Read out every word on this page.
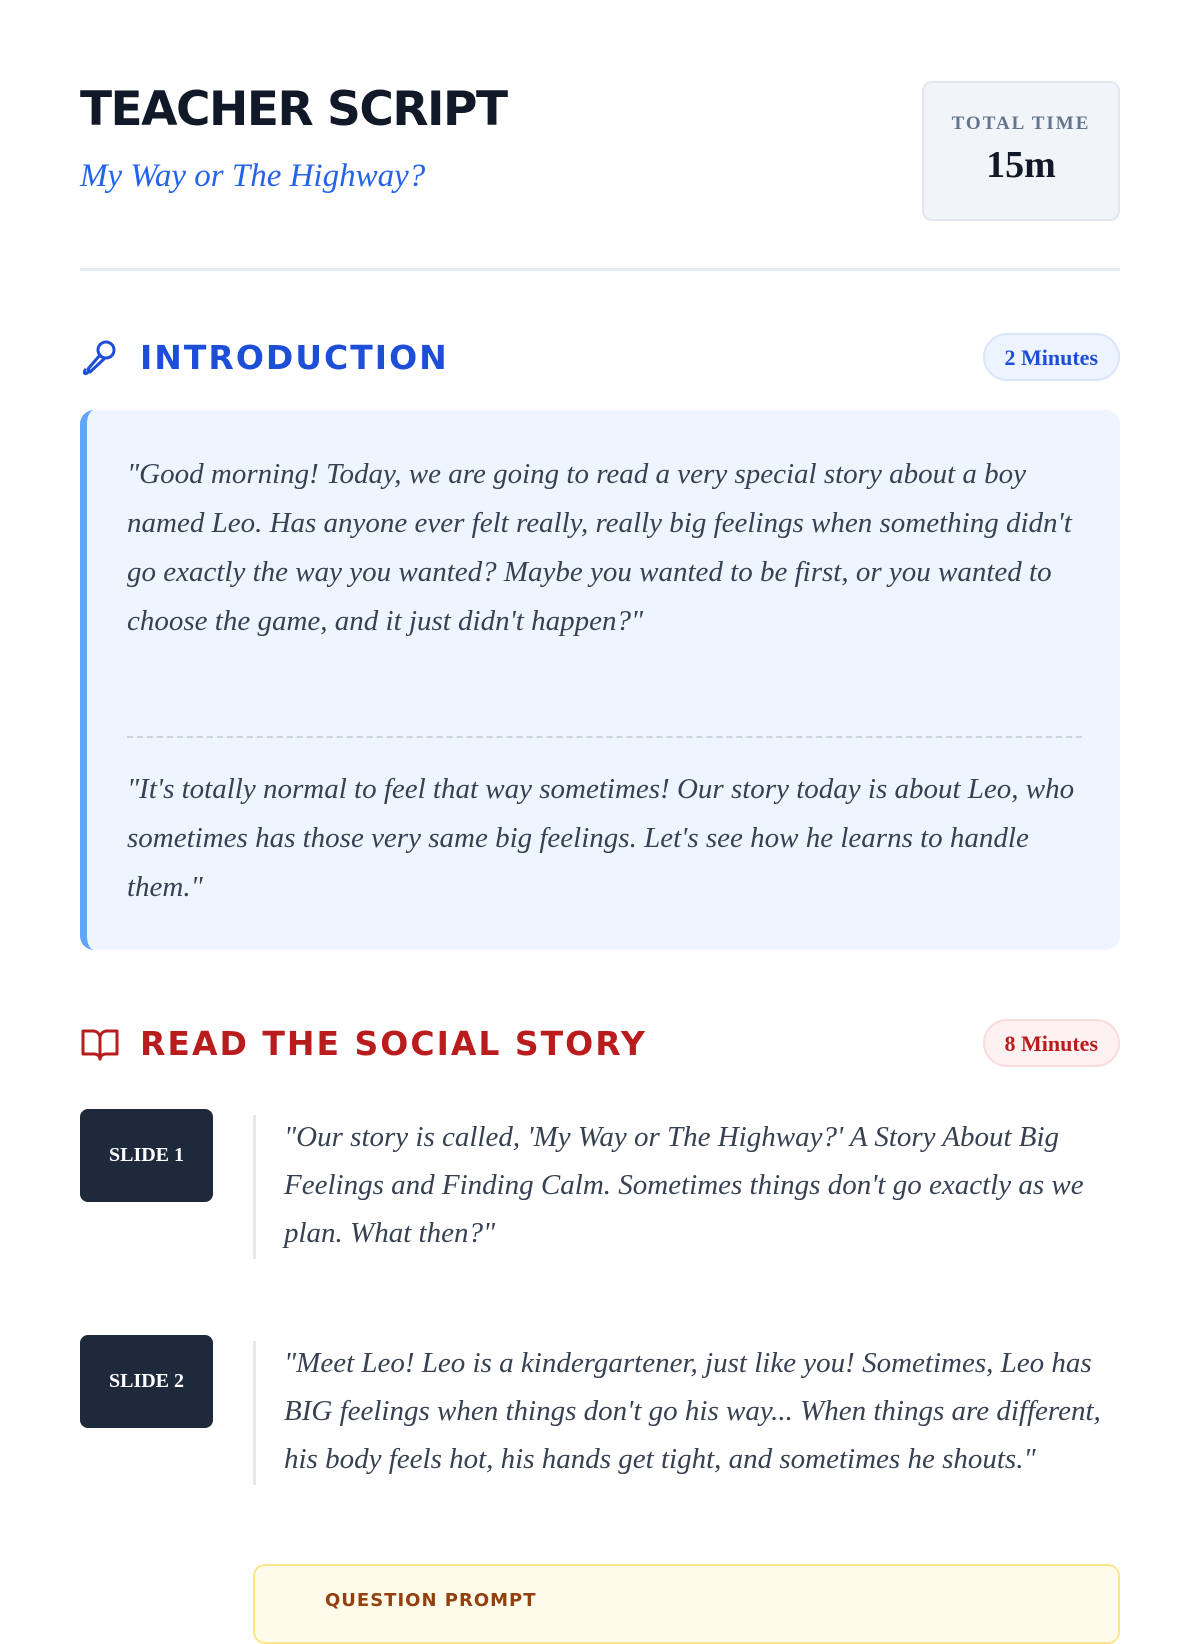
TEACHER SCRIPT
My Way or The Highway?
TOTAL TIME
15m
INTRODUCTION	2 Minutes

"Good morning! Today, we are going to read a very special story about a boy named Leo. Has anyone ever felt really, really big feelings when something didn't go exactly the way you wanted? Maybe you wanted to be first, or you wanted to choose the game, and it just didn't happen?"

"It's totally normal to feel that way sometimes! Our story today is about Leo, who sometimes has those very same big feelings. Let's see how he learns to handle them."

READ THE SOCIAL STORY	8 Minutes
SLIDE 1

"Our story is called, 'My Way or The Highway?' A Story About Big Feelings and Finding Calm. Sometimes things don't go exactly as we plan. What then?"

SLIDE 2

"Meet Leo! Leo is a kindergartener, just like you! Sometimes, Leo has BIG feelings when things don't go his way... When things are different, his body feels hot, his hands get tight, and sometimes he shouts."

QUESTION PROMPT
